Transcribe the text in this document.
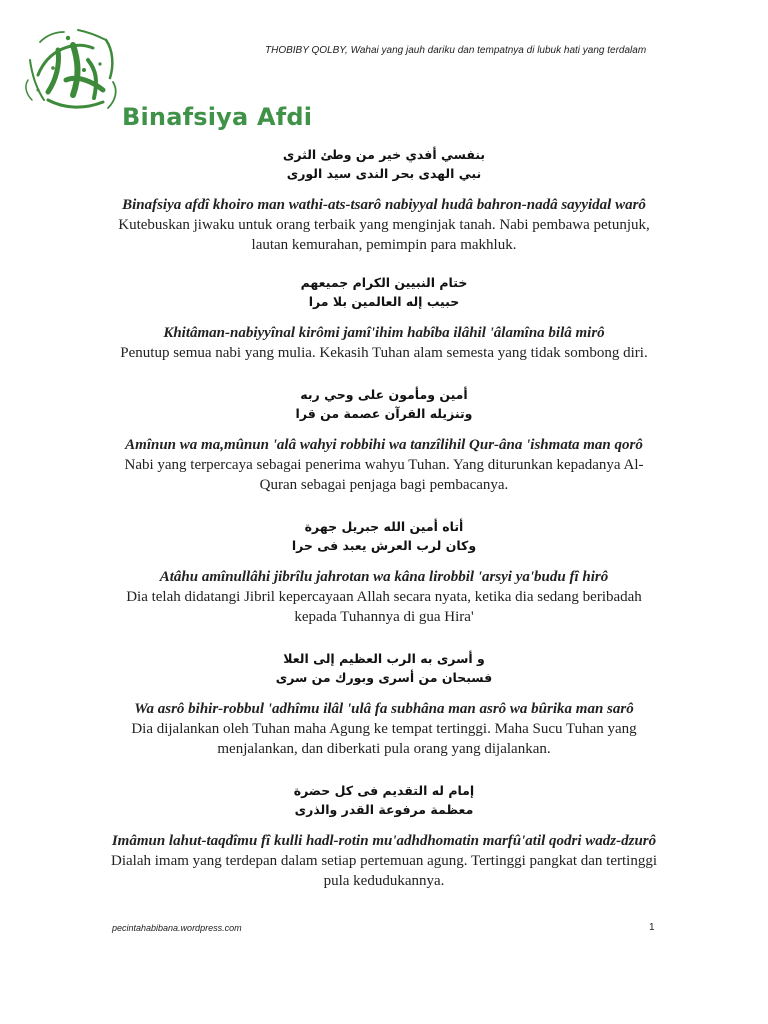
THOBIBY QOLBY, Wahai yang jauh dariku dan tempatnya di lubuk hati yang terdalam
Binafsiya Afdi
بنفسي أفدي خير من وطئ الثرى
نبي الهدى بحر الندى سيد الورى
Binafsiya afdî khoiro man wathi-ats-tsarô nabiyyal hudâ bahron-nadâ sayyidal warô
Kutebuskan jiwaku untuk orang terbaik yang menginjak tanah. Nabi pembawa petunjuk, lautan kemurahan, pemimpin para makhluk.
ختام النبيين الكرام جميعهم
حبيب إله العالمين بلا مرا
Khitâman-nabiyyînal kirômi jamî'ihim habîba ilâhil 'âlamîna bilâ mirô
Penutup semua nabi yang mulia. Kekasih Tuhan alam semesta yang tidak sombong diri.
أمين ومأمون على وحي ربه
وتنزيله القرآن عصمة من قرا
Amînun wa ma,mûnun 'alâ wahyi robbihi wa tanzîlihil Qur-âna 'ishmata man qorô
Nabi yang terpercaya sebagai penerima wahyu Tuhan. Yang diturunkan kepadanya Al-Quran sebagai penjaga bagi pembacanya.
أتاه أمين الله جبريل جهرة
وكان لرب العرش يعبد فى حرا
Atâhu amînullâhi jibrîlu jahrotan wa kâna lirobbil 'arsyi ya'budu fî hirô
Dia telah didatangi Jibril kepercayaan Allah secara nyata, ketika dia sedang beribadah kepada Tuhannya di gua Hira'
و أسرى به الرب العظيم إلى العلا
فسبحان من أسرى وبورك من سرى
Wa asrô bihir-robbul 'adhîmu ilâl 'ulâ fa subhâna man asrô wa bûrika man sarô
Dia dijalankan oleh Tuhan maha Agung ke tempat tertinggi. Maha Sucu Tuhan yang menjalankan, dan diberkati pula orang yang dijalankan.
إمام له التقديم فى كل حضرة
معظمة مرفوعة القدر والذرى
Imâmun lahut-taqdîmu fî kulli hadl-rotin mu'adhdhomatin marfû'atil qodri wadz-dzurô
Dialah imam yang terdepan dalam setiap pertemuan agung. Tertinggi pangkat dan tertinggi pula kedudukannya.
pecintahabibana.wordpress.com	1
